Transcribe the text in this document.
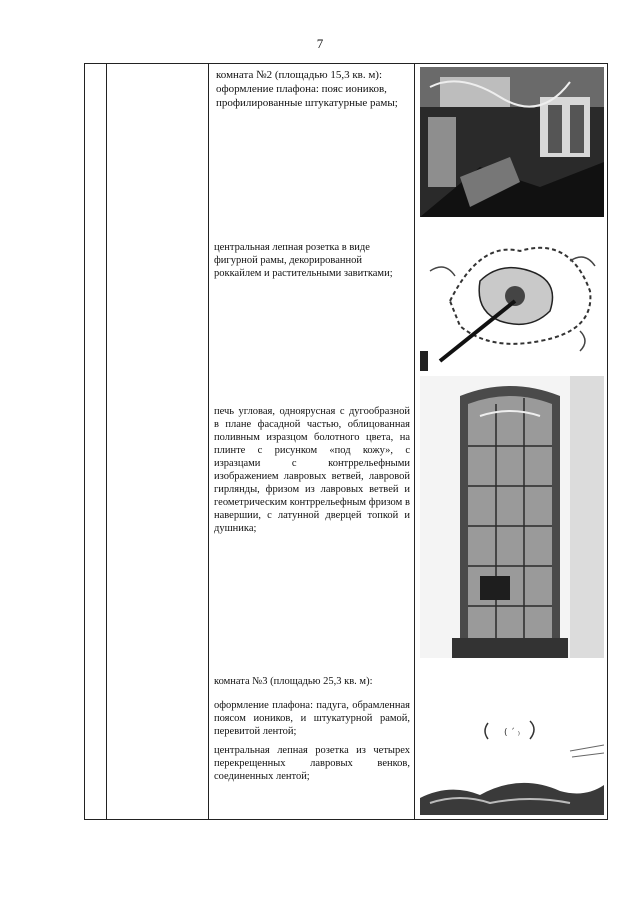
7

комната №2 (площадью 15,3 кв. м):

оформление плафона: пояс иоников, профилированные штукатурные рамы;

центральная лепная розетка в виде фигурной рамы, декорированной роккайлем и растительными завитками;
печь угловая, одноярусная с дугообразной в плане фасадной частью, облицованная поливным изразцом болотного цвета, на плинте с рисунком «под кожу», с изразцами с контррельефными изображением лавровых ветвей, лавровой гирлянды, фризом из лавровых ветвей и геометрическим контррельефным фризом в навершии, с латунной дверцей топкой и душника;

комната №3 (площадью 25,3 кв. м):

оформление плафона: падуга, обрамленная поясом иоников, и штукатурной рамой, перевитой лентой;

центральная лепная розетка из четырех перекрещенных лавровых венков, соединенных лентой;

( ˊ ₎
